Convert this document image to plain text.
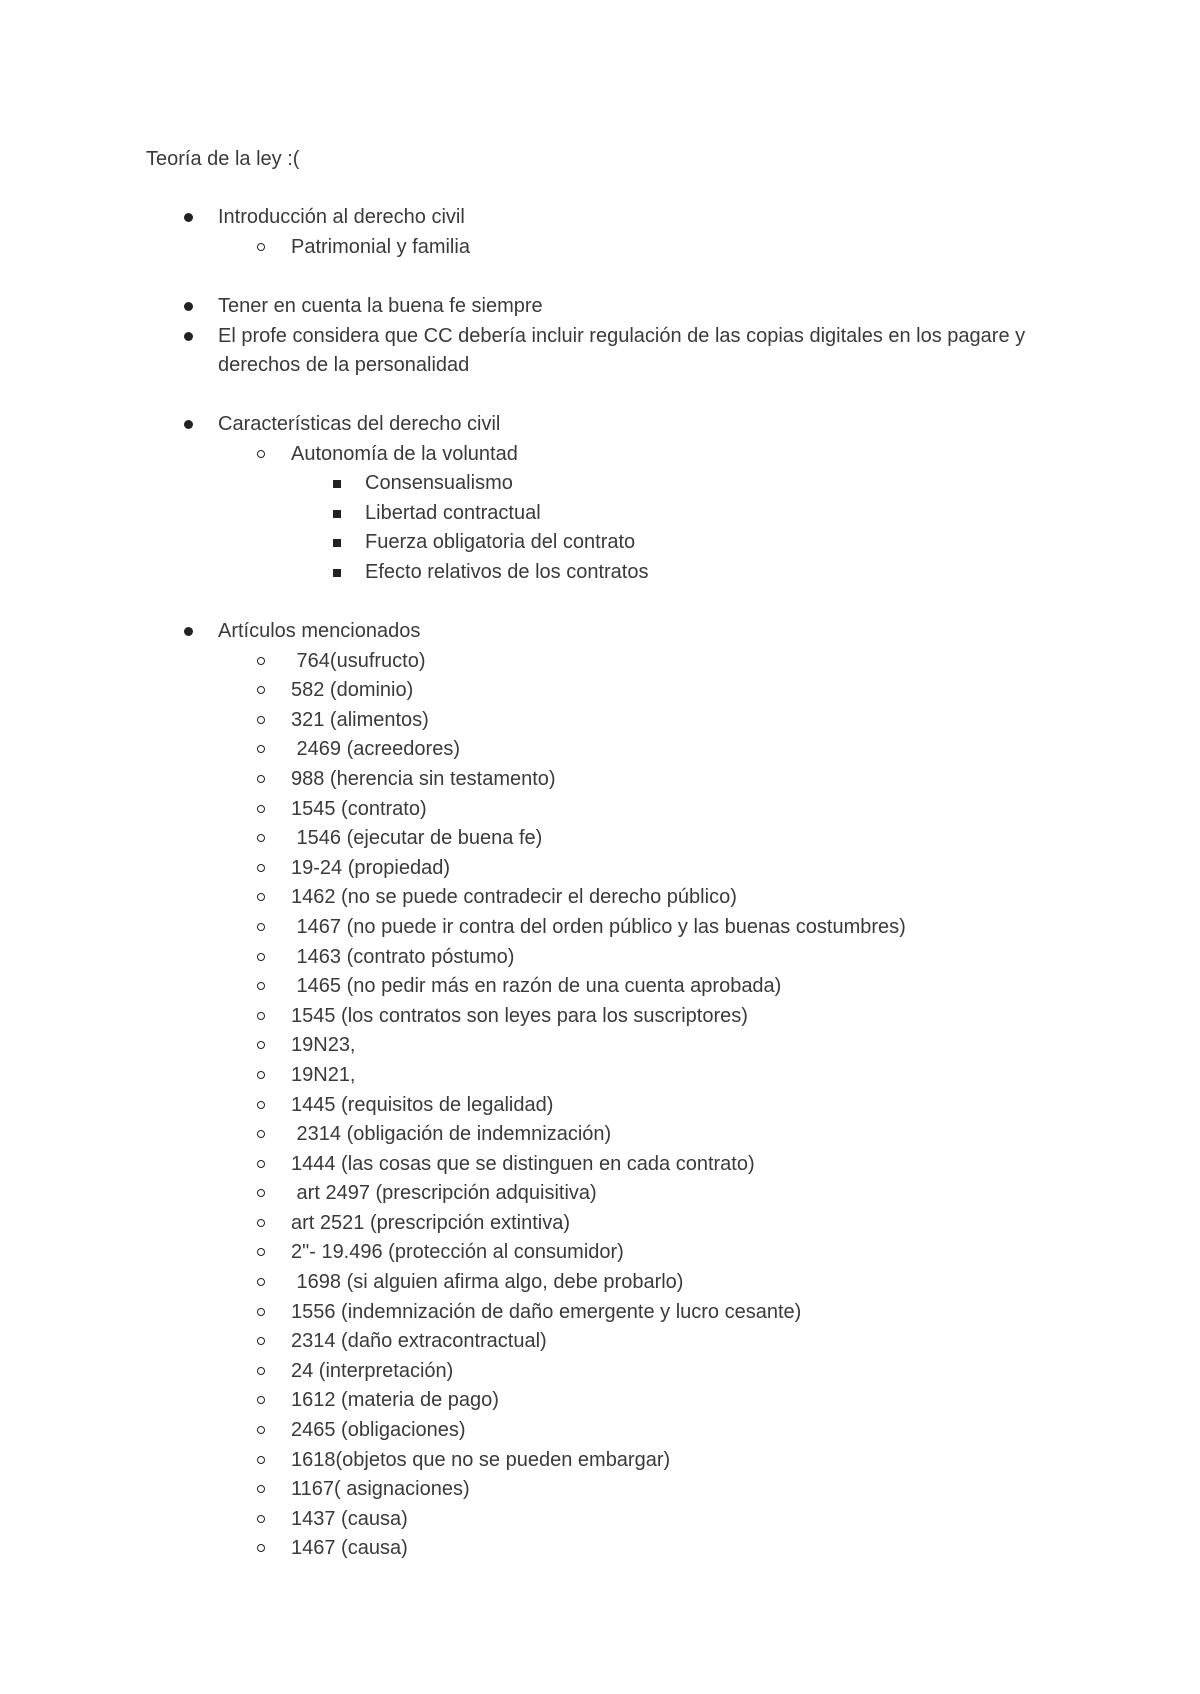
Teoría de la ley :(

Introducción al derecho civil
Patrimonial y familia
Tener en cuenta la buena fe siempre
El profe considera que CC debería incluir regulación de las copias digitales en los pagare y derechos de la personalidad
Características del derecho civil
Autonomía de la voluntad
Consensualismo
Libertad contractual
Fuerza obligatoria del contrato
Efecto relativos de los contratos
Artículos mencionados
764(usufructo)
582 (dominio)
321 (alimentos)
2469 (acreedores)
988 (herencia sin testamento)
1545 (contrato)
1546 (ejecutar de buena fe)
19-24 (propiedad)
1462 (no se puede contradecir el derecho público)
1467 (no puede ir contra del orden público y las buenas costumbres)
1463 (contrato póstumo)
1465 (no pedir más en razón de una cuenta aprobada)
1545 (los contratos son leyes para los suscriptores)
19N23,
19N21,
1445 (requisitos de legalidad)
2314 (obligación de indemnización)
1444 (las cosas que se distinguen en cada contrato)
art 2497 (prescripción adquisitiva)
art 2521 (prescripción extintiva)
2"- 19.496 (protección al consumidor)
1698 (si alguien afirma algo, debe probarlo)
1556 (indemnización de daño emergente y lucro cesante)
2314 (daño extracontractual)
24 (interpretación)
1612 (materia de pago)
2465 (obligaciones)
1618(objetos que no se pueden embargar)
1167( asignaciones)
1437 (causa)
1467 (causa)
